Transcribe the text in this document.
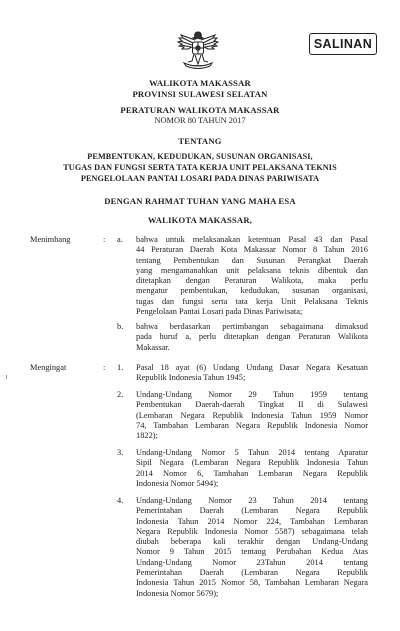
SALINAN
WALIKOTA MAKASSAR
PROVINSI SULAWESI SELATAN
PERATURAN WALIKOTA MAKASSAR
NOMOR 80 TAHUN 2017
TENTANG
PEMBENTUKAN, KEDUDUKAN, SUSUNAN ORGANISASI,
TUGAS DAN FUNGSI SERTA TATA KERJA UNIT PELAKSANA TEKNIS
PENGELOLAAN PANTAI LOSARI PADA DINAS PARIWISATA
DENGAN RAHMAT TUHAN YANG MAHA ESA
WALIKOTA MAKASSAR,
Menimbang	: a. bahwa untuk melaksanakan ketentuan Pasal 43 dan Pasal
44 Peraturan Daerah Kota Makassar Nomor 8 Tahun 2016
tentang Pembentukan dan Susunan Perangkat Daerah
yang mengamanahkan unit pelaksana teknis dibentuk dan
ditetapkan dengan Peraturan Walikota, maka perlu
mengatur pembentukan, kedudukan, susunan organisasi,
tugas dan fungsi serta tata kerja Unit Pelaksana Teknis
Pengelolaan Pantai Losari pada Dinas Pariwisata;
b. bahwa berdasarkan pertimbangan sebagaimana dimaksud
pada huruf a, perlu ditetapkan dengan Peraturan Walikota
Makassar.
Mengingat	: 1. Pasal 18 ayat (6) Undang Undang Dasar Negara Kesatuan
Republik Indonesia Tahun 1945;
2. Undang-Undang Nomor 29 Tahun 1959 tentang
Pembentukan Daerah-daerah Tingkat II di Sulawesi
(Lembaran Negara Republik Indonesia Tahun 1959 Nomor
74, Tambahan Lembaran Negara Republik Indonesia Nomor
1822);
3. Undang-Undang Nomor 5 Tahun 2014 tentang Aparatur
Sipil Negara (Lembaran Negara Republik Indonesia Tahun
2014 Nomor 6, Tambahan Lembaran Negara Republik
Indonesia Nomor 5494);
4. Undang-Undang Nomor 23 Tahun 2014 tentang
Pemerintahan Daerah (Lembaran Negara Republik
Indonesia Tahun 2014 Nomor 224, Tambahan Lembaran
Negara Republik Indonesia Nomor 5587) sebagaimana telah
diubah beberapa kali terakhir dengan Undang-Undang
Nomor 9 Tahun 2015 tentang Perubahan Kedua Atas
Undang-Undang Nomor 23Tahun 2014 tentang
Pemerintahan Daerah (Lembaran Negara Republik
Indonesia Tahun 2015 Nomor 58, Tambahan Lembaran Negara
Indonesia Nomor 5679);
